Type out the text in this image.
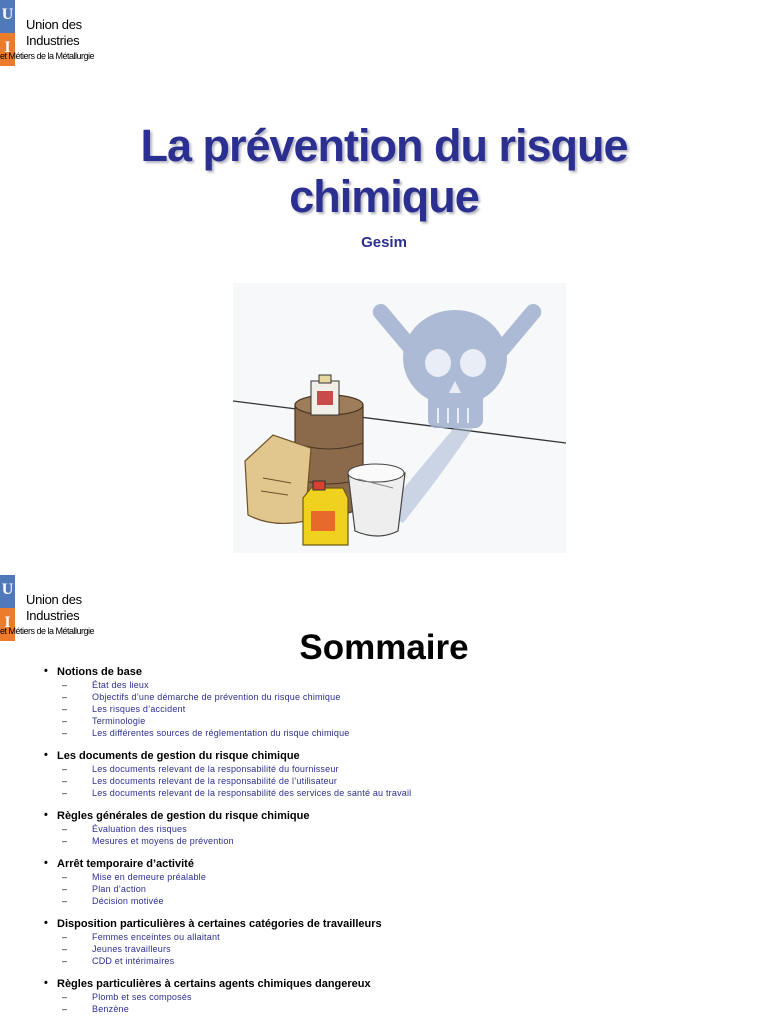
U
I
Union des
Industries
et Métiers de la Métallurgie
La prévention du risque
chimique
Gesim
U
I
Union des
Industries
et Métiers de la Métallurgie	Sommaire
• Notions de base
–	État des lieux
–	Objectifs d’une démarche de prévention du risque chimique
–	Les risques d’accident
–	Terminologie
–	Les différentes sources de réglementation du risque chimique
• Les documents de gestion du risque chimique
–	Les documents relevant de la responsabilité du fournisseur
–	Les documents relevant de la responsabilité de l’utilisateur
–	Les documents relevant de la responsabilité des services de santé au travail
• Règles générales de gestion du risque chimique
–	Évaluation des risques
–	Mesures et moyens de prévention
• Arrêt temporaire d’activité
–	Mise en demeure préalable
–	Plan d’action
–	Décision motivée
• Disposition particulières à certaines catégories de travailleurs
–	Femmes enceintes ou allaitant
–	Jeunes travailleurs
–	CDD et intérimaires
• Règles particulières à certains agents chimiques dangereux
–	Plomb et ses composés
–	Benzène
